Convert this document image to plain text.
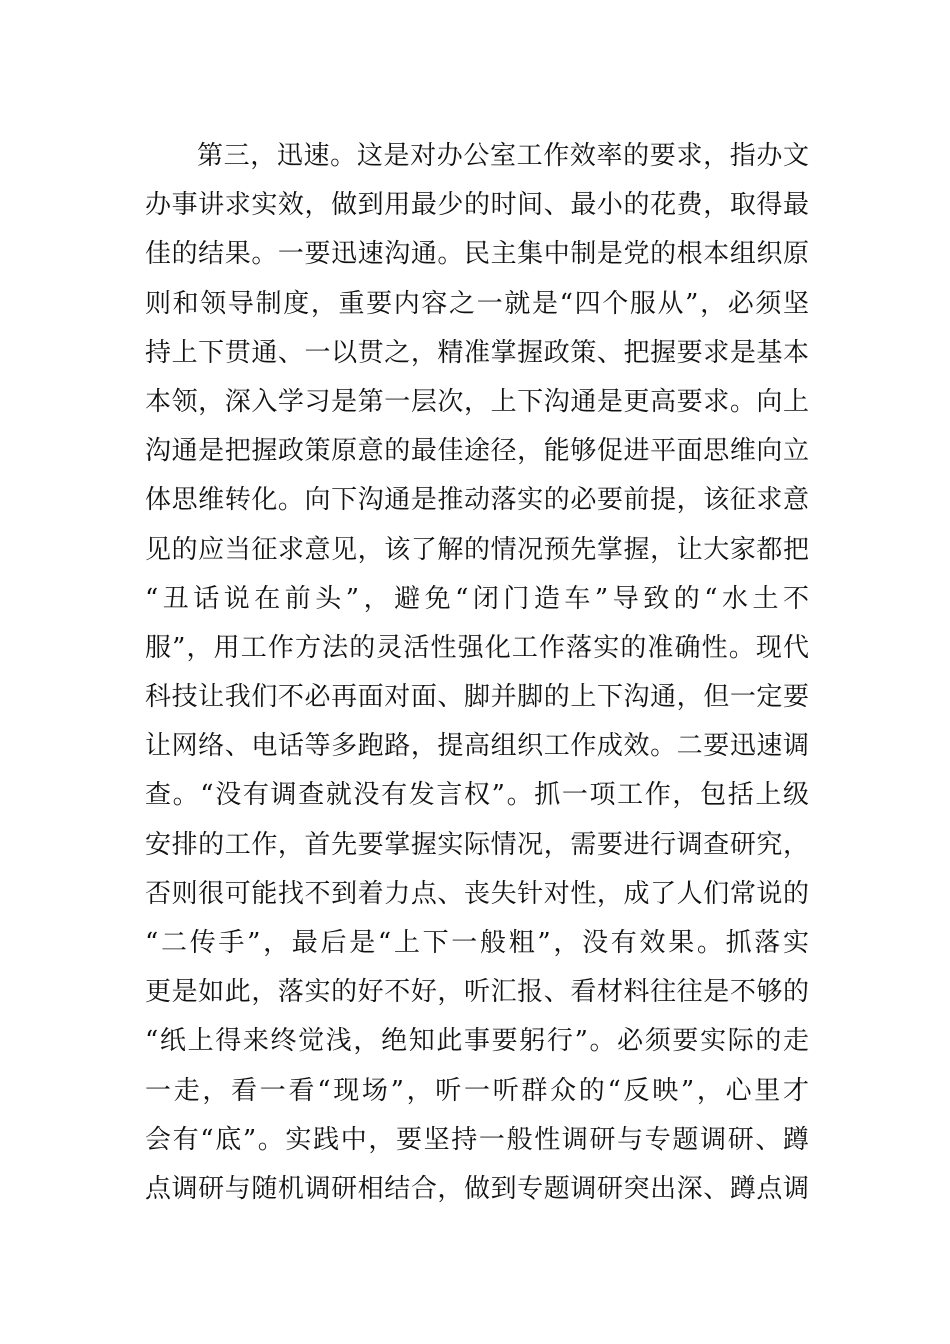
第三，迅速。这是对办公室工作效率的要求，指办文
办事讲求实效，做到用最少的时间、最小的花费，取得最
佳的结果。一要迅速沟通。民主集中制是党的根本组织原
则和领导制度，重要内容之一就是“四个服从”，必须坚
持上下贯通、一以贯之，精准掌握政策、把握要求是基本
本领，深入学习是第一层次，上下沟通是更高要求。向上
沟通是把握政策原意的最佳途径，能够促进平面思维向立
体思维转化。向下沟通是推动落实的必要前提，该征求意
见的应当征求意见，该了解的情况预先掌握，让大家都把
“丑话说在前头”，避免“闭门造车”导致的“水土不
服”，用工作方法的灵活性强化工作落实的准确性。现代
科技让我们不必再面对面、脚并脚的上下沟通，但一定要
让网络、电话等多跑路，提高组织工作成效。二要迅速调
查。“没有调查就没有发言权”。抓一项工作，包括上级
安排的工作，首先要掌握实际情况，需要进行调查研究，
否则很可能找不到着力点、丧失针对性，成了人们常说的
“二传手”，最后是“上下一般粗”，没有效果。抓落实
更是如此，落实的好不好，听汇报、看材料往往是不够的
“纸上得来终觉浅，绝知此事要躬行”。必须要实际的走
一走，看一看“现场”，听一听群众的“反映”，心里才
会有“底”。实践中，要坚持一般性调研与专题调研、蹲
点调研与随机调研相结合，做到专题调研突出深、蹲点调
